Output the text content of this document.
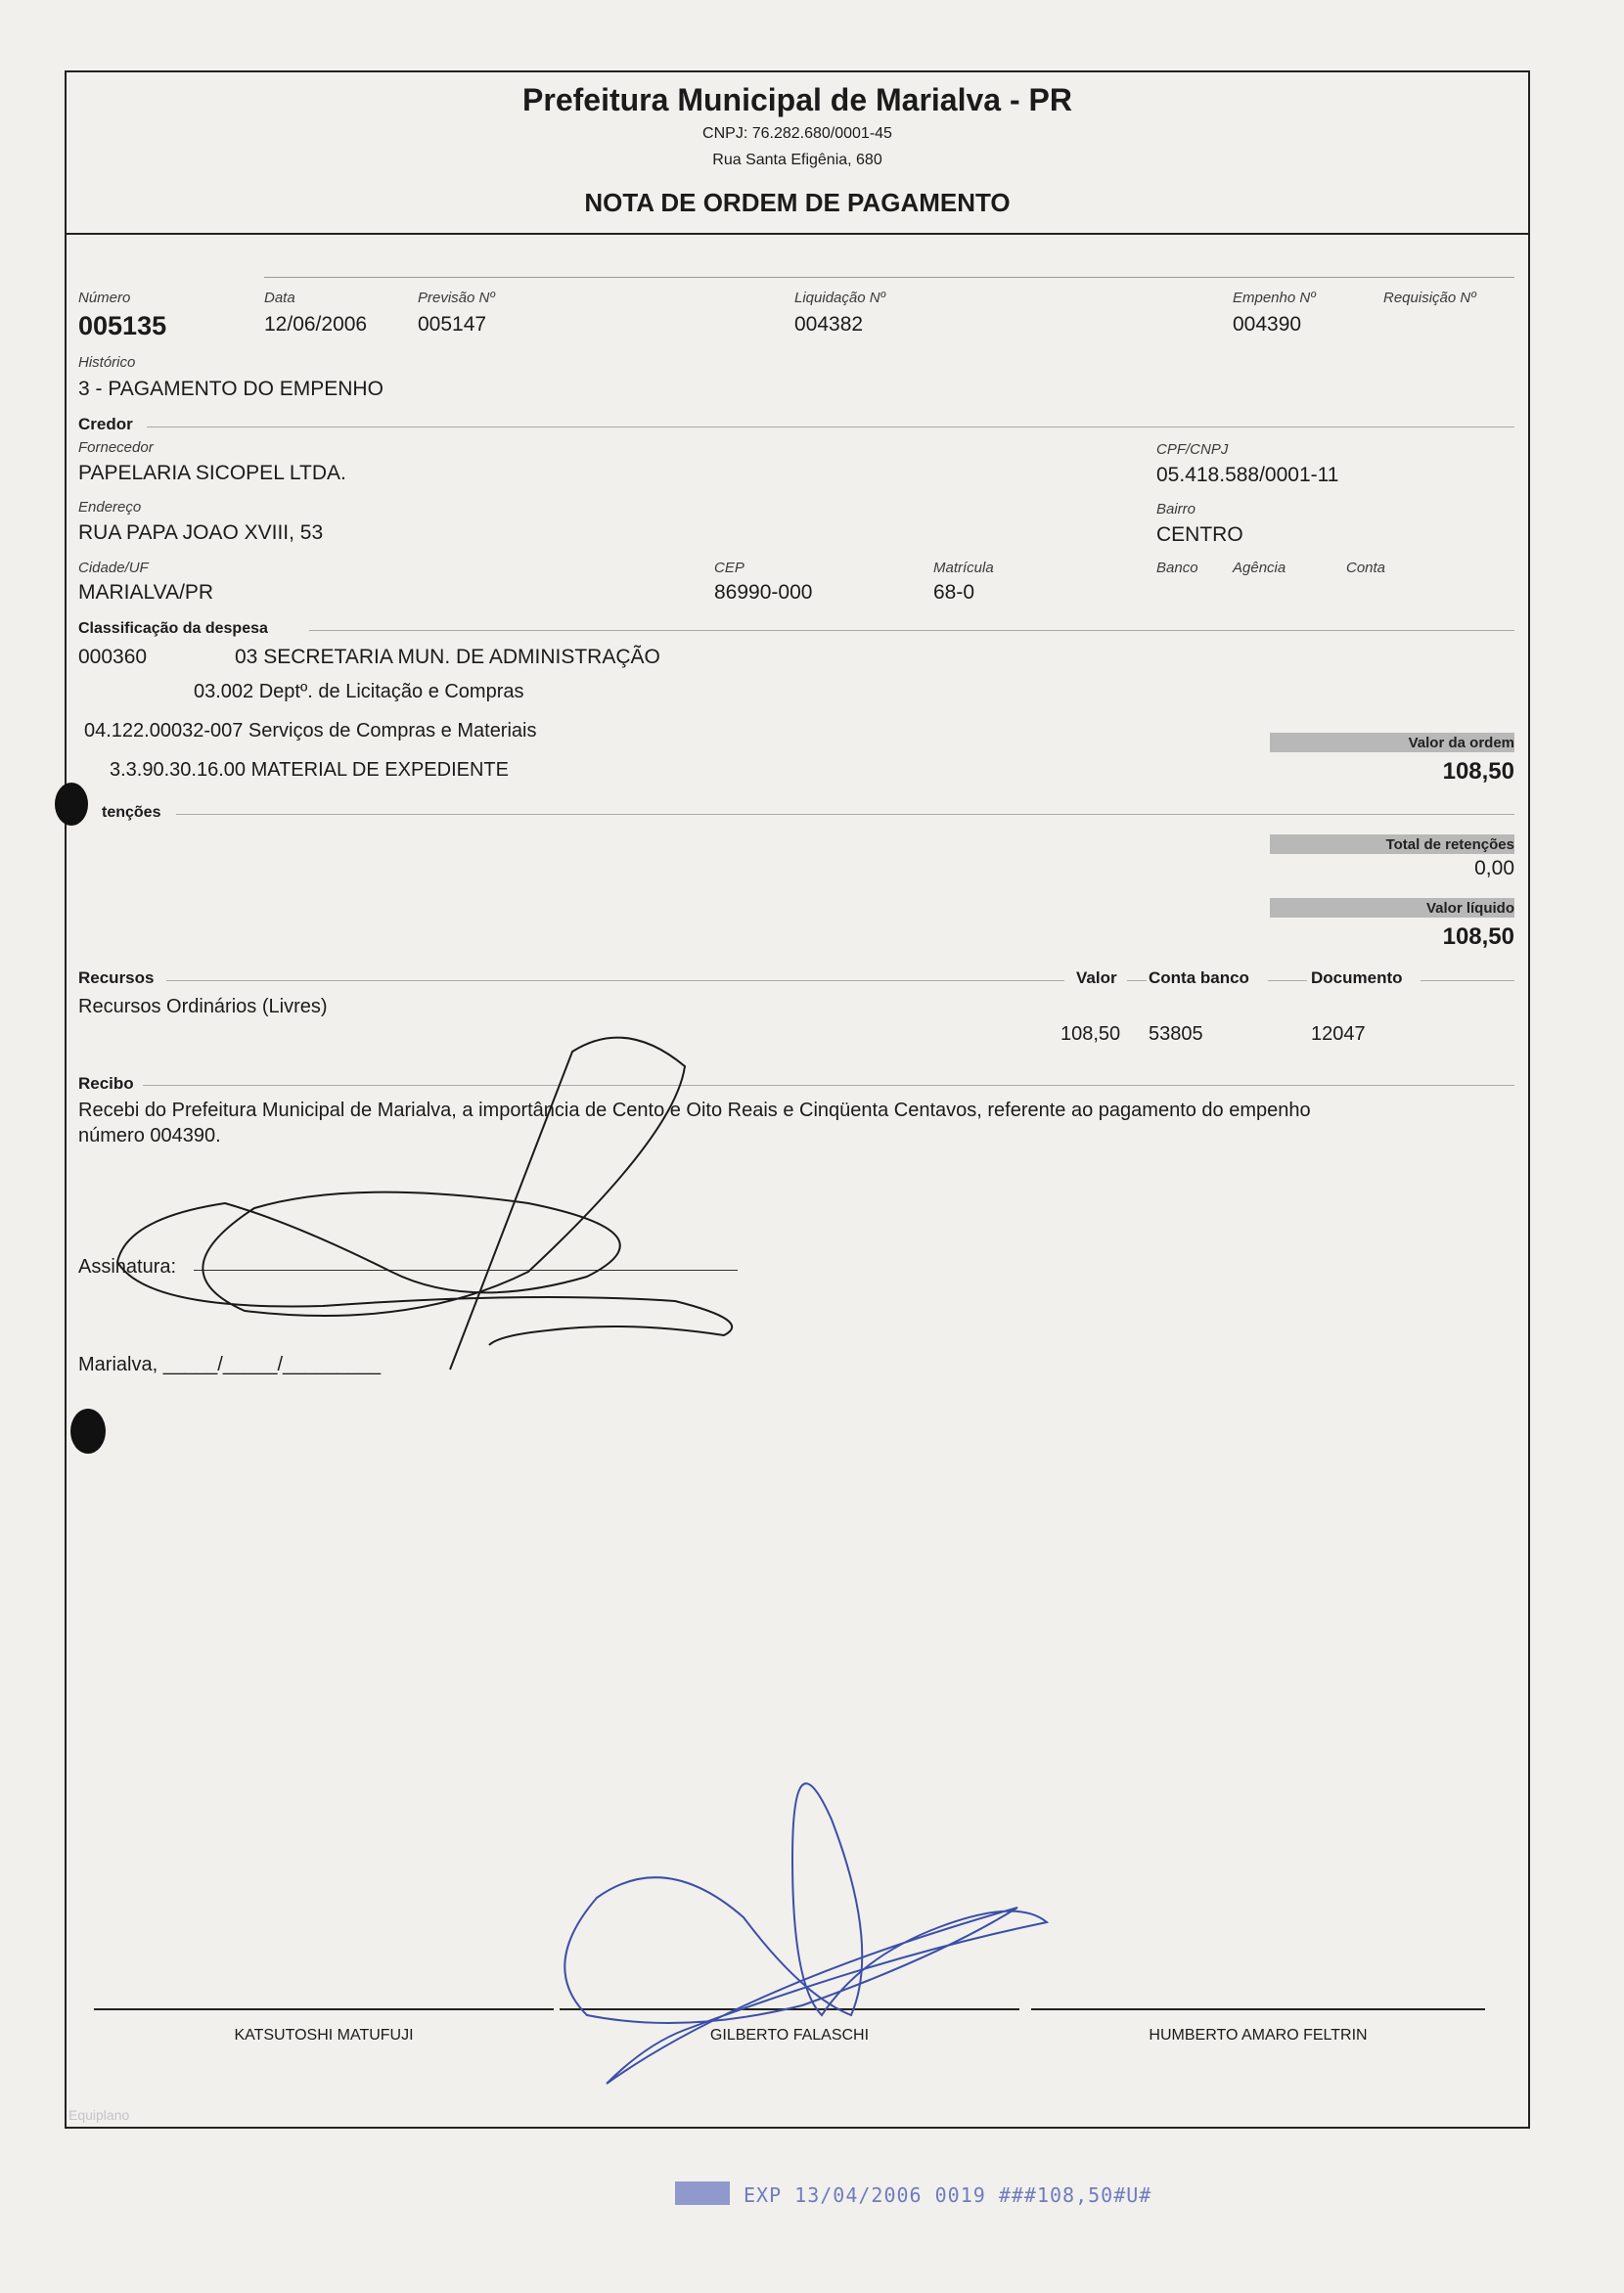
Prefeitura Municipal de Marialva - PR
CNPJ: 76.282.680/0001-45
Rua Santa Efigênia, 680
NOTA DE ORDEM DE PAGAMENTO
Número
005135
Data
12/06/2006
Previsão Nº
005147
Liquidação Nº
004382
Empenho Nº
004390
Requisição Nº
Histórico
3 - PAGAMENTO DO EMPENHO
Credor
Fornecedor
PAPELARIA SICOPEL LTDA.
CPF/CNPJ
05.418.588/0001-11
Endereço
RUA PAPA JOAO XVIII, 53
Bairro
CENTRO
Cidade/UF
MARIALVA/PR
CEP
86990-000
Matrícula
68-0
Banco Agência	Conta
Classificação da despesa
000360	03 SECRETARIA MUN. DE ADMINISTRAÇÃO
03.002 Deptº. de Licitação e Compras
04.122.00032-007 Serviços de Compras e Materiais
3.3.90.30.16.00 MATERIAL DE EXPEDIENTE
Valor da ordem
108,50
tenções
Total de retenções
0,00
Valor líquido
108,50
Recursos	Valor Conta banco	Documento
Recursos Ordinários (Livres)
108,50 53805	12047
Recibo
Recebi do Prefeitura Municipal de Marialva, a importância de Cento e Oito Reais e Cinqüenta Centavos, referente ao pagamento do empenho
número 004390.
Assinatura:
Marialva, _____/_____/_________
KATSUTOSHI MATUFUJI	GILBERTO FALASCHI	HUMBERTO AMARO FELTRIN
Equiplano
EXP 13/04/2006 0019 ###108,50#U#
